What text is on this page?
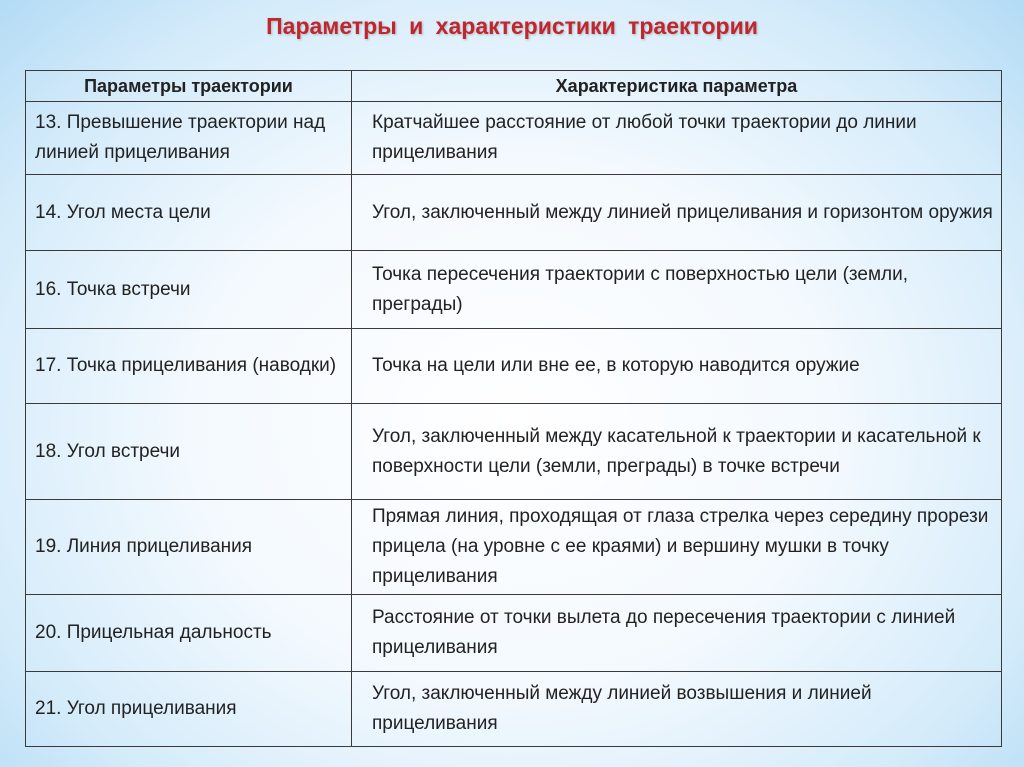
Параметры и характеристики траектории
Параметры траектории	Характеристика параметра
13. Превышение траектории над линией прицеливания	Кратчайшее расстояние от любой точки траектории до линии прицеливания
14. Угол места цели	Угол, заключенный между линией прицеливания и горизонтом оружия
16. Точка встречи	Точка пересечения траектории с поверхностью цели (земли, преграды)
17. Точка прицеливания (наводки)	Точка на цели или вне ее, в которую наводится оружие
18. Угол встречи	Угол, заключенный между касательной к траектории и касательной к поверхности цели (земли, преграды) в точке встречи
19. Линия прицеливания	Прямая линия, проходящая от глаза стрелка через середину прорези прицела (на уровне с ее краями) и вершину мушки в точку прицеливания
20. Прицельная дальность	Расстояние от точки вылета до пересечения траектории с линией прицеливания
21. Угол прицеливания	Угол, заключенный между линией возвышения и линией прицеливания
